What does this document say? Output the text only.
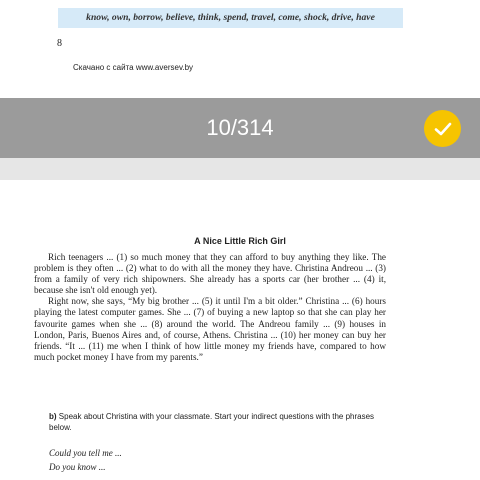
know, own, borrow, believe, think, spend, travel, come, shock, drive, have
8
Скачано с сайта www.aversev.by
10/314
A Nice Little Rich Girl

Rich teenagers ... (1) so much money that they can afford to buy anything they like. The problem is they often ... (2) what to do with all the money they have. Christina Andreou ... (3) from a family of very rich shipowners. She already has a sports car (her brother ... (4) it, because she isn't old enough yet).

Right now, she says, “My big brother ... (5) it until I'm a bit older.” Christina ... (6) hours playing the latest computer games. She ... (7) of buying a new laptop so that she can play her favourite games when she ... (8) around the world. The Andreou family ... (9) houses in London, Paris, Buenos Aires and, of course, Athens. Christina ... (10) her money can buy her friends. “It ... (11) me when I think of how little money my friends have, compared to how much pocket money I have from my parents.”

b) Speak about Christina with your classmate. Start your indirect questions with the phrases below.
Could you tell me ...
Do you know ...
